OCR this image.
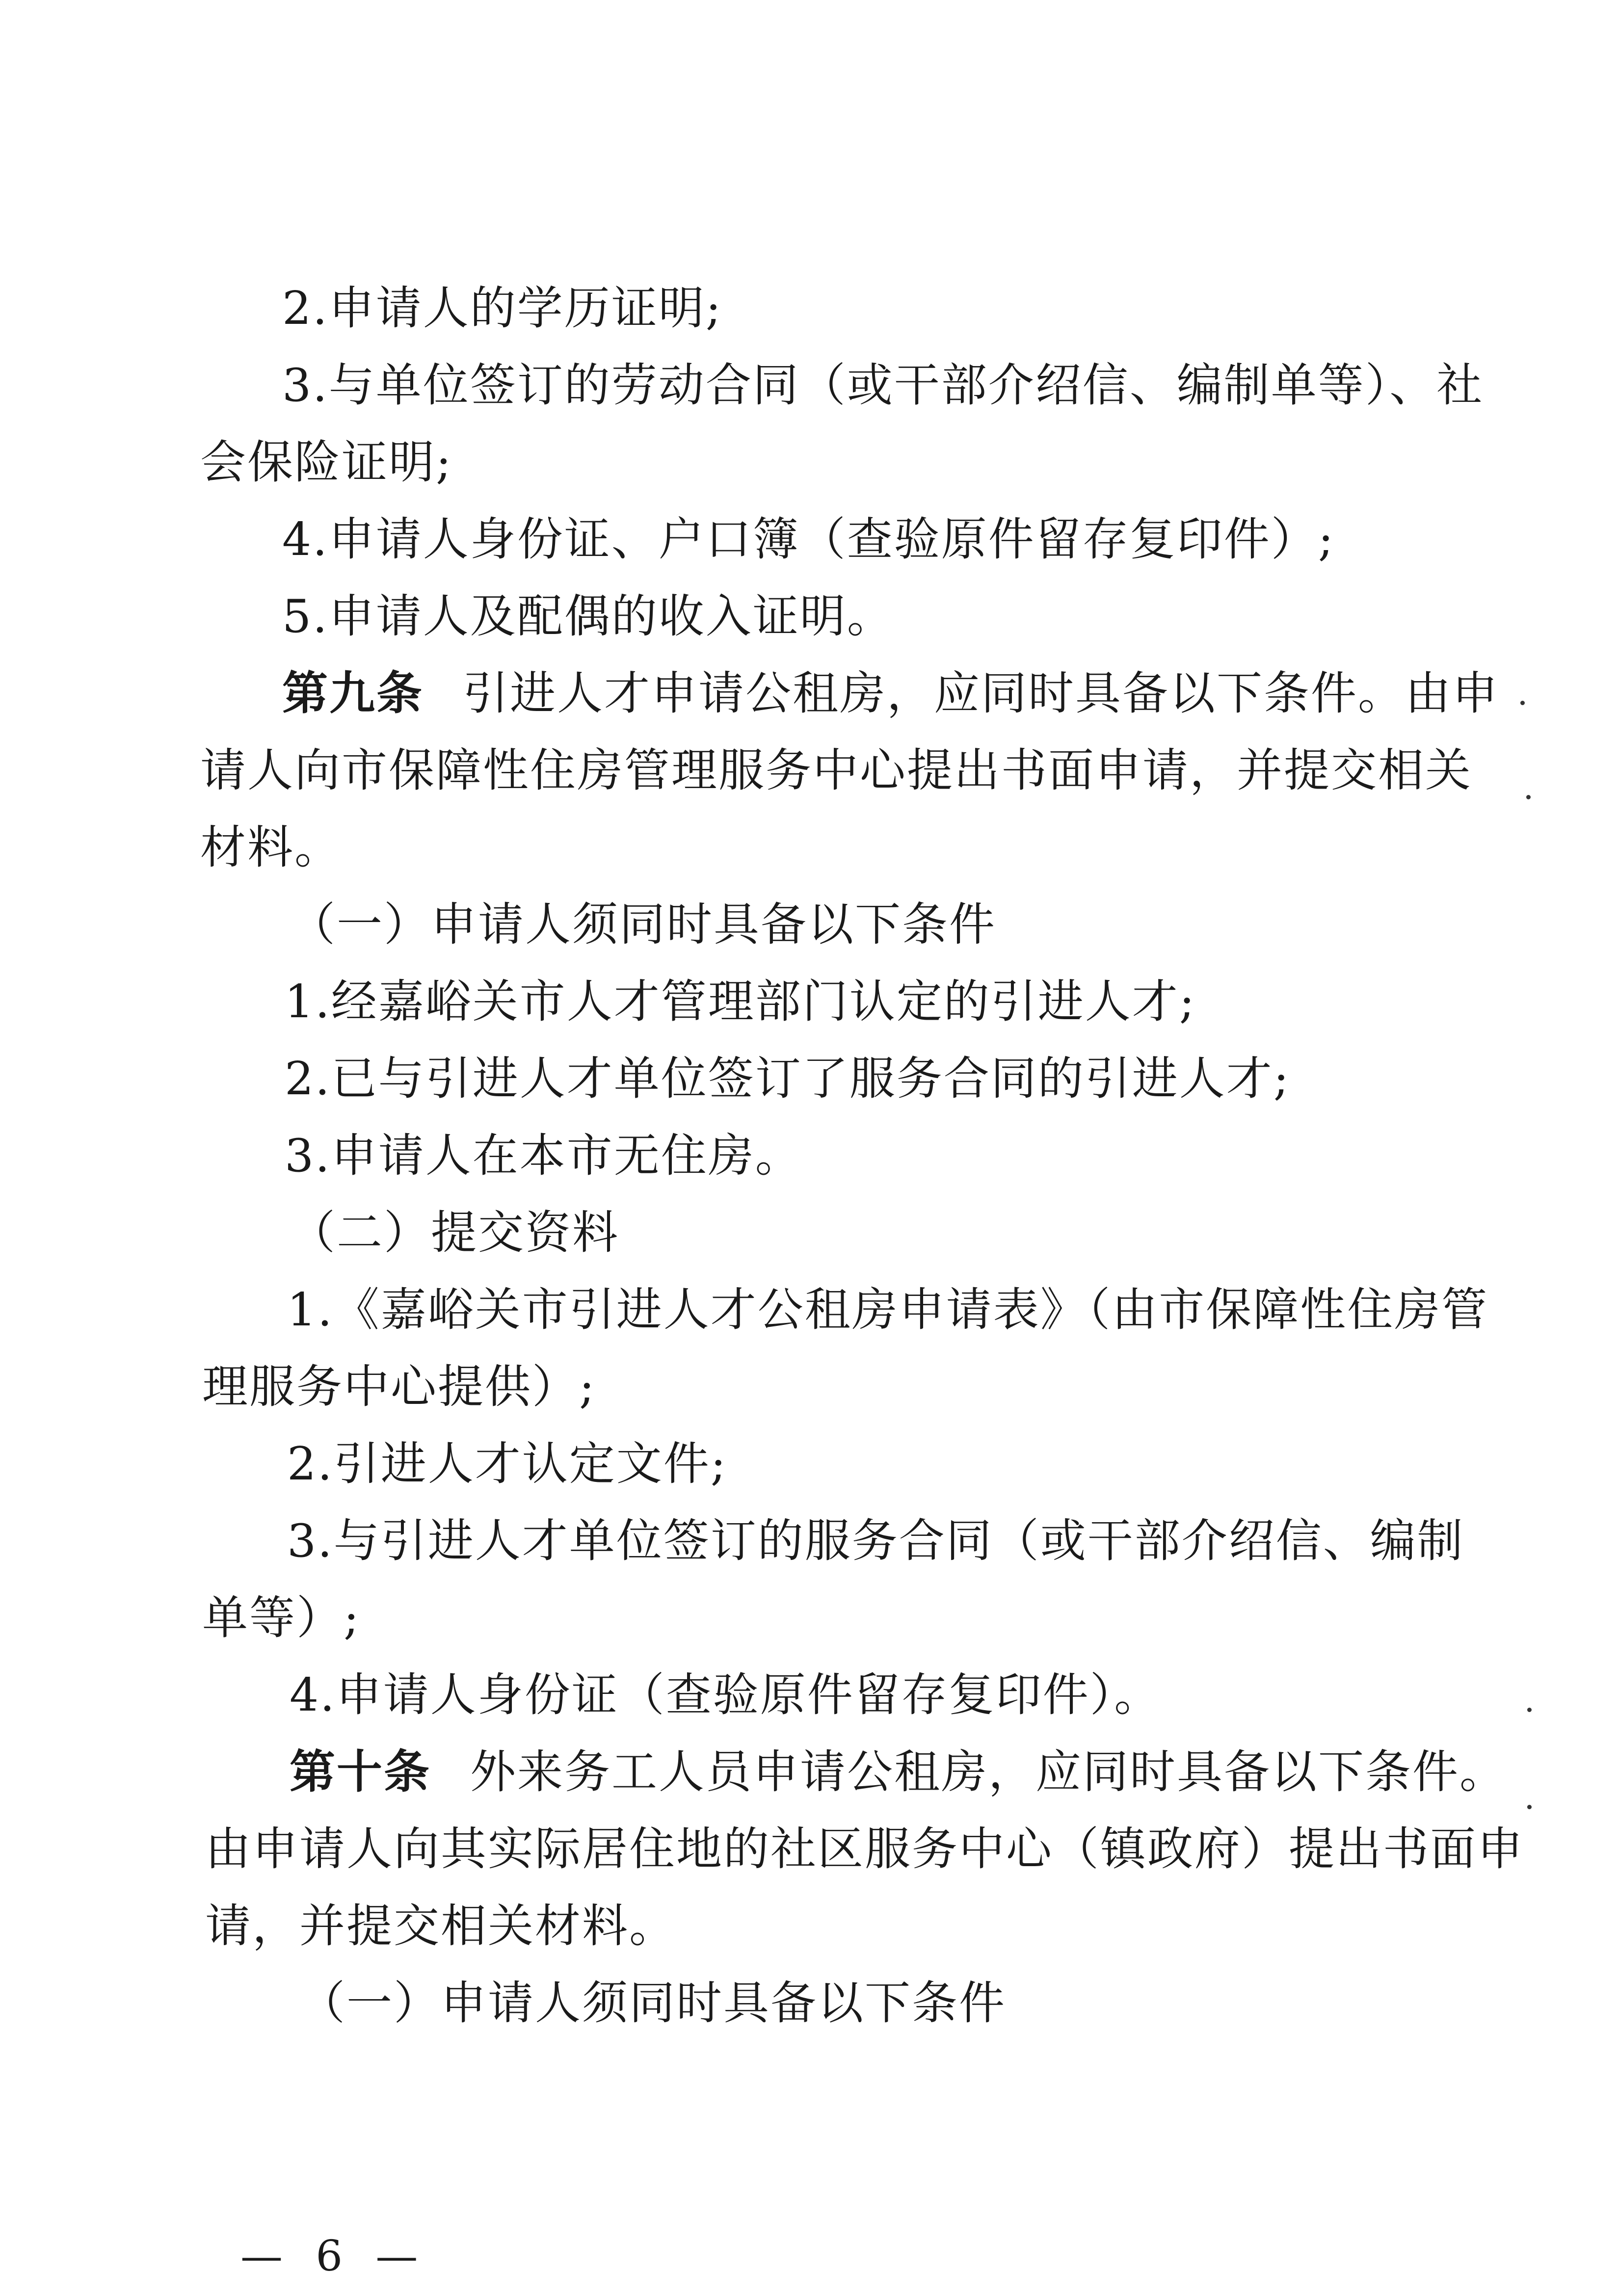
2.申请人的学历证明;
3.与单位签订的劳动合同（或干部介绍信、编制单等）、社
会保险证明;
4.申请人身份证、户口簿（查验原件留存复印件）;
5.申请人及配偶的收入证明。
第九条 引进人才申请公租房，应同时具备以下条件。由申
请人向市保障性住房管理服务中心提出书面申请，并提交相关
材料。
（一）申请人须同时具备以下条件
1.经嘉峪关市人才管理部门认定的引进人才;
2.已与引进人才单位签订了服务合同的引进人才;
3.申请人在本市无住房。
（二）提交资料
1.《嘉峪关市引进人才公租房申请表》（由市保障性住房管
理服务中心提供）;
2.引进人才认定文件;
3.与引进人才单位签订的服务合同（或干部介绍信、编制
单等）;
4.申请人身份证（查验原件留存复印件）。
第十条 外来务工人员申请公租房，应同时具备以下条件。
由申请人向其实际居住地的社区服务中心（镇政府）提出书面申
请，并提交相关材料。
（一）申请人须同时具备以下条件
— 6 —
